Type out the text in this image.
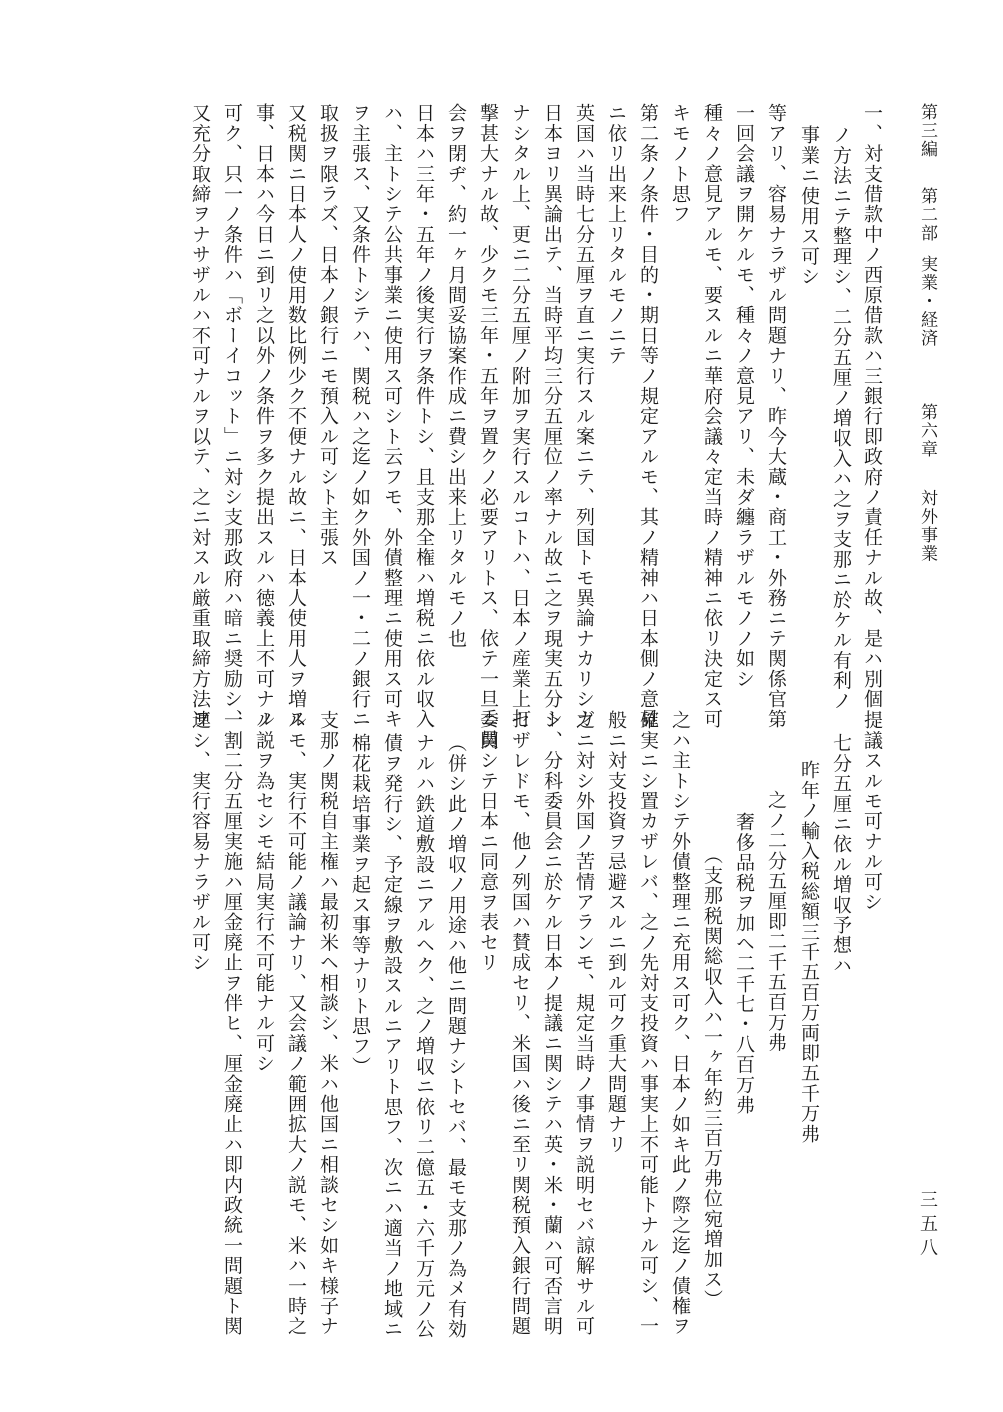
第三編
第二部
実業・経済
第六章
対外事業
三五八
一、対支借款中ノ西原借款ハ三銀行即政府ノ責任ナル故、是ハ別個
ノ方法ニテ整理シ、二分五厘ノ増収入ハ之ヲ支那ニ於ケル有利ノ
事業ニ使用ス可シ
等アリ、容易ナラザル問題ナリ、昨今大蔵・商工・外務ニテ関係官第
一回会議ヲ開ケルモ、種々ノ意見アリ、未ダ纏ラザルモノノ如シ
種々ノ意見アルモ、要スルニ華府会議々定当時ノ精神ニ依リ決定ス可
キモノト思フ
第二条ノ条件・目的・期日等ノ規定アルモ、其ノ精神ハ日本側ノ意見
ニ依リ出来上リタルモノニテ
英国ハ当時七分五厘ヲ直ニ実行スル案ニテ、列国トモ異論ナカリシガ
日本ヨリ異論出テ、当時平均三分五厘位ノ率ナル故ニ之ヲ現実五分ト
ナシタル上、更ニ二分五厘ノ附加ヲ実行スルコトハ、日本ノ産業上打
撃甚大ナル故、少クモ三年・五年ヲ置クノ必要アリトス、依テ一旦委員
会ヲ閉ヂ、約一ヶ月間妥協案作成ニ費シ出来上リタルモノ也
日本ハ三年・五年ノ後実行ヲ条件トシ、且支那全権ハ増税ニ依ル収入
ハ、主トシテ公共事業ニ使用ス可シト云フモ、外債整理ニ使用ス可キ
ヲ主張ス、又条件トシテハ、関税ハ之迄ノ如ク外国ノ一・二ノ銀行ニ
取扱ヲ限ラズ、日本ノ銀行ニモ預入ル可シト主張ス
又税関ニ日本人ノ使用数比例少ク不便ナル故ニ、日本人使用人ヲ増ス
事、日本ハ今日ニ到リ之以外ノ条件ヲ多ク提出スルハ徳義上不可ナル
可ク、只一ノ条件ハ「ボーイコット」ニ対シ支那政府ハ暗ニ奨励シ、
又充分取締ヲナサザルハ不可ナルヲ以テ、之ニ対スル厳重取締方法ヲ
提議スルモ可ナル可シ
七分五厘ニ依ル増収予想ハ
昨年ノ輸入税総額三千五百万両即五千万弗
之ノ二分五厘即二千五百万弗
奢侈品税ヲ加ヘ二千七・八百万弗
（支那税関総収入ハ一ヶ年約三百万弗位宛増加ス）
之ハ主トシテ外債整理ニ充用ス可ク、日本ノ如キ此ノ際之迄ノ債権ヲ
確実ニシ置カザレバ、之ノ先対支投資ハ事実上不可能トナル可シ、一
般ニ対支投資ヲ忌避スルニ到ル可ク重大問題ナリ
之ニ対シ外国ノ苦情アランモ、規定当時ノ事情ヲ説明セバ諒解サル可
シ、分科委員会ニ於ケル日本ノ提議ニ関シテハ英・米・蘭ハ可否言明
セザレドモ、他ノ列国ハ賛成セリ、米国ハ後ニ至リ関税預入銀行問題
ニ関シテ日本ニ同意ヲ表セリ
（併シ此ノ増収ノ用途ハ他ニ問題ナシトセバ、最モ支那ノ為メ有効
ナルハ鉄道敷設ニアルヘク、之ノ増収ニ依リ二億五・六千万元ノ公
債ヲ発行シ、予定線ヲ敷設スルニアリト思フ、次ニハ適当ノ地域ニ
棉花栽培事業ヲ起ス事等ナリト思フ）
支那ノ関税自主権ハ最初米ヘ相談シ、米ハ他国ニ相談セシ如キ様子ナ
ルモ、実行不可能ノ議論ナリ、又会議ノ範囲拡大ノ説モ、米ハ一時之
ノ説ヲ為セシモ結局実行不可能ナル可シ
一割二分五厘実施ハ厘金廃止ヲ伴ヒ、厘金廃止ハ即内政統一問題ト関
連シ、実行容易ナラザル可シ
